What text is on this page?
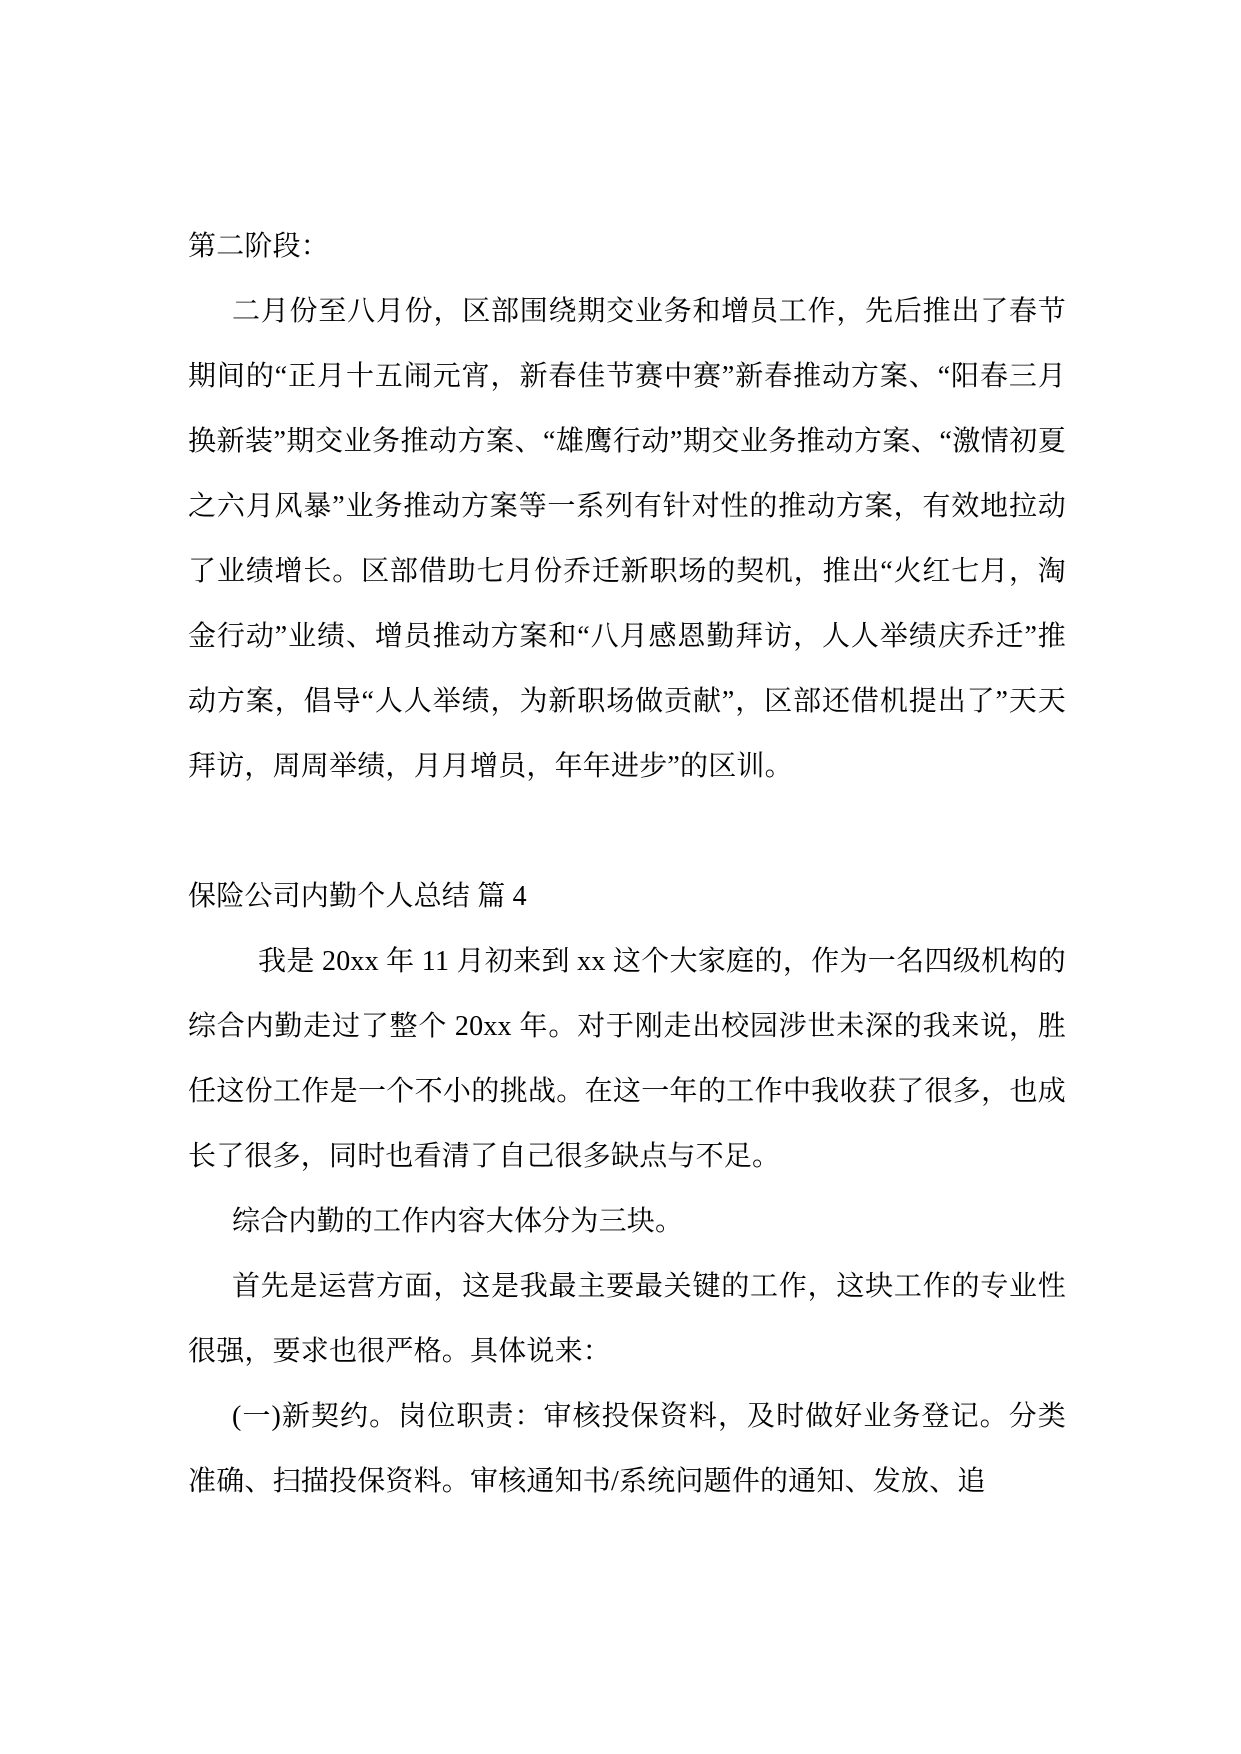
第二阶段：

二月份至八月份，区部围绕期交业务和增员工作，先后推出了春节期间的“正月十五闹元宵，新春佳节赛中赛”新春推动方案、“阳春三月换新装”期交业务推动方案、“雄鹰行动”期交业务推动方案、“激情初夏之六月风暴”业务推动方案等一系列有针对性的推动方案，有效地拉动了业绩增长。区部借助七月份乔迁新职场的契机，推出“火红七月，淘金行动”业绩、增员推动方案和“八月感恩勤拜访，人人举绩庆乔迁”推动方案，倡导“人人举绩，为新职场做贡献”，区部还借机提出了”天天拜访，周周举绩，月月增员，年年进步”的区训。

保险公司内勤个人总结 篇 4

我是 20xx 年 11 月初来到 xx 这个大家庭的，作为一名四级机构的综合内勤走过了整个 20xx 年。对于刚走出校园涉世未深的我来说，胜任这份工作是一个不小的挑战。在这一年的工作中我收获了很多，也成长了很多，同时也看清了自己很多缺点与不足。

综合内勤的工作内容大体分为三块。

首先是运营方面，这是我最主要最关键的工作，这块工作的专业性很强，要求也很严格。具体说来：

(一)新契约。岗位职责：审核投保资料，及时做好业务登记。分类准确、扫描投保资料。审核通知书/系统问题件的通知、发放、追
